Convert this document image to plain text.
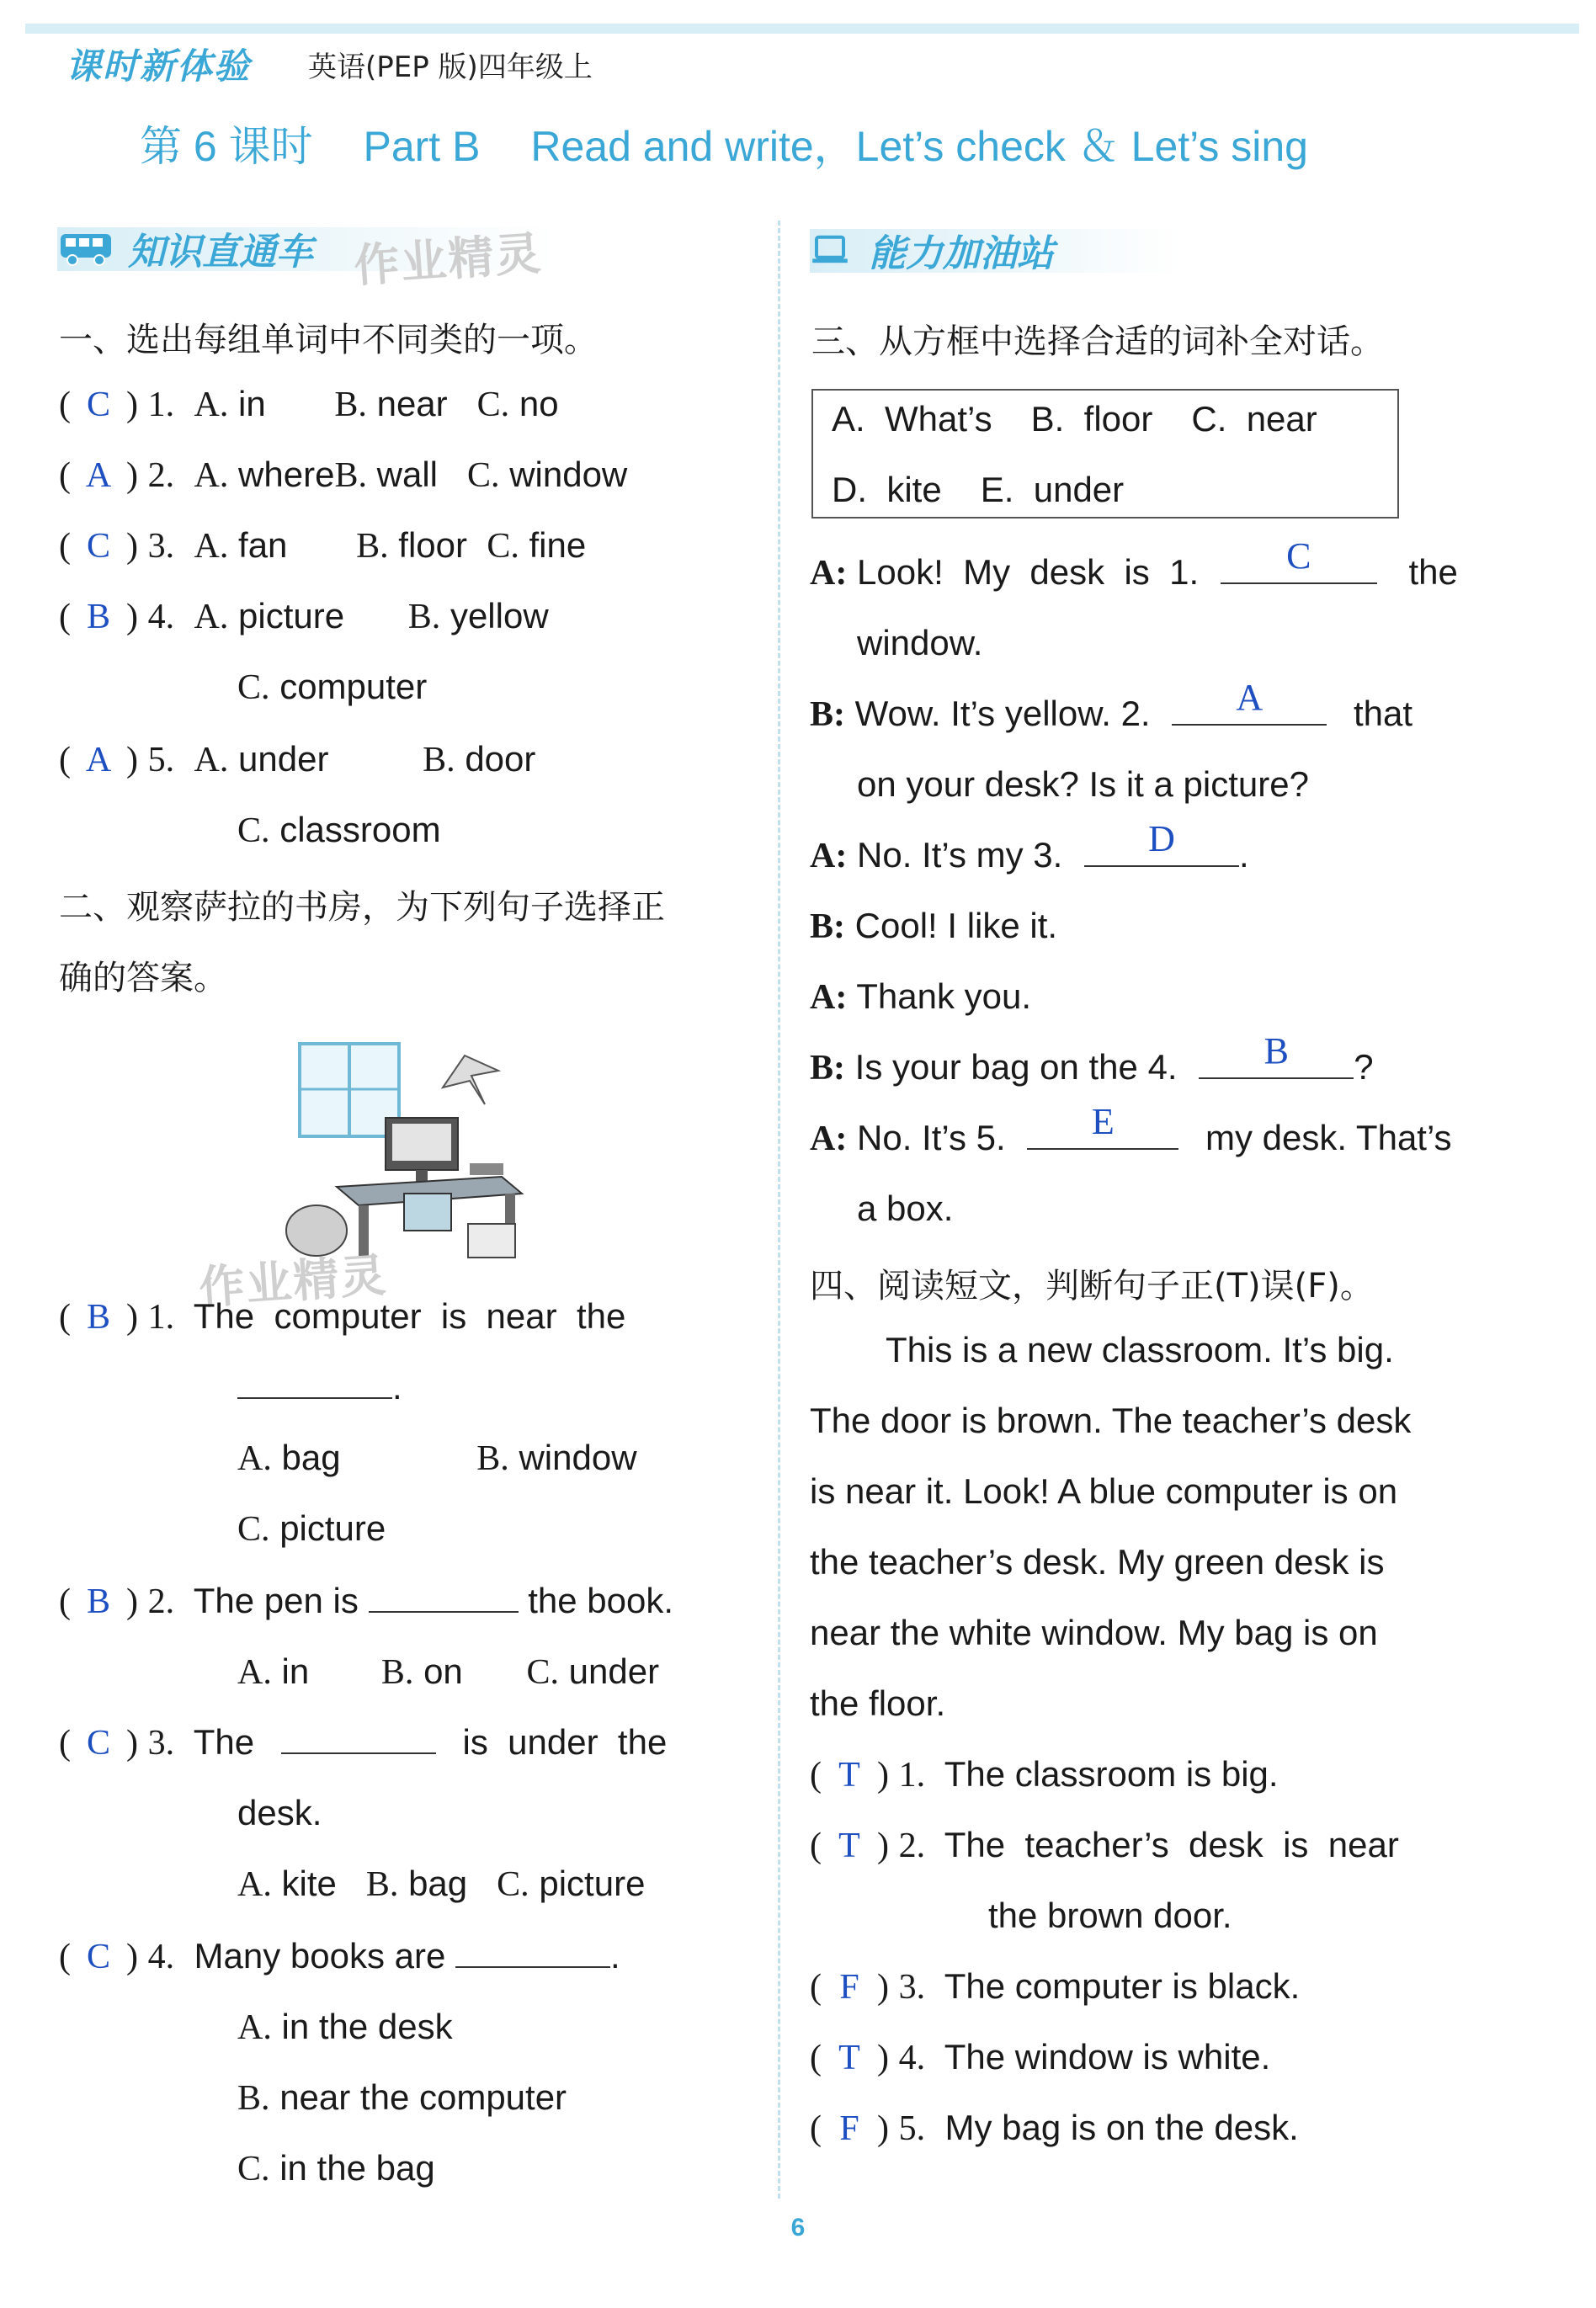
课时新体验 英语(PEP 版)四年级上
第 6 课时 Part B Read and write，Let’s check ＆ Let’s sing
知识直通车 作业精灵
一、选出每组单词中不同类的一项。
( C ) 1. A. in B. near C. no
( A ) 2. A. whereB. wall C. window
( C ) 3. A. fan B. floor C. fine
( B ) 4. A. picture B. yellow
C. computer
( A ) 5. A. under	B. door
C. classroom
二、观察萨拉的书房，为下列句子选择正
确的答案。
作业精灵
( B ) 1. The  computer  is  near  the
.
A. bag	B. window
C. picture
( B ) 2. The pen is	the book.
A. in B. on C. under
( C ) 3. The	is  under  the
desk.
A. kite B. bag C. picture
( C ) 4. Many books are	.
A. in the desk
B. near the computer
C. in the bag
能力加油站
三、从方框中选择合适的词补全对话。
A.  What’s B.  floor C.  near
D.  kite E.  under
A: Look!  My  desk  is  1.	C	the
window.
B: Wow. It’s yellow. 2.	A	that
on your desk? Is it a picture?
A: No. It’s my 3.	D	.
B: Cool! I like it.
A: Thank you.
B: Is your bag on the 4.	B	?
A: No. It’s 5.	E	my desk. That’s
a box.
四、阅读短文，判断句子正(T)误(F)。
This is a new classroom. It’s big.
The door is brown. The teacher’s desk
is near it. Look! A blue computer is on
the teacher’s desk. My green desk is
near the white window. My bag is on
the floor.
( T ) 1. The classroom is big.
( T ) 2. The  teacher’s  desk  is  near
the brown door.
( F ) 3. The computer is black.
( T ) 4. The window is white.
( F ) 5. My bag is on the desk.
6
